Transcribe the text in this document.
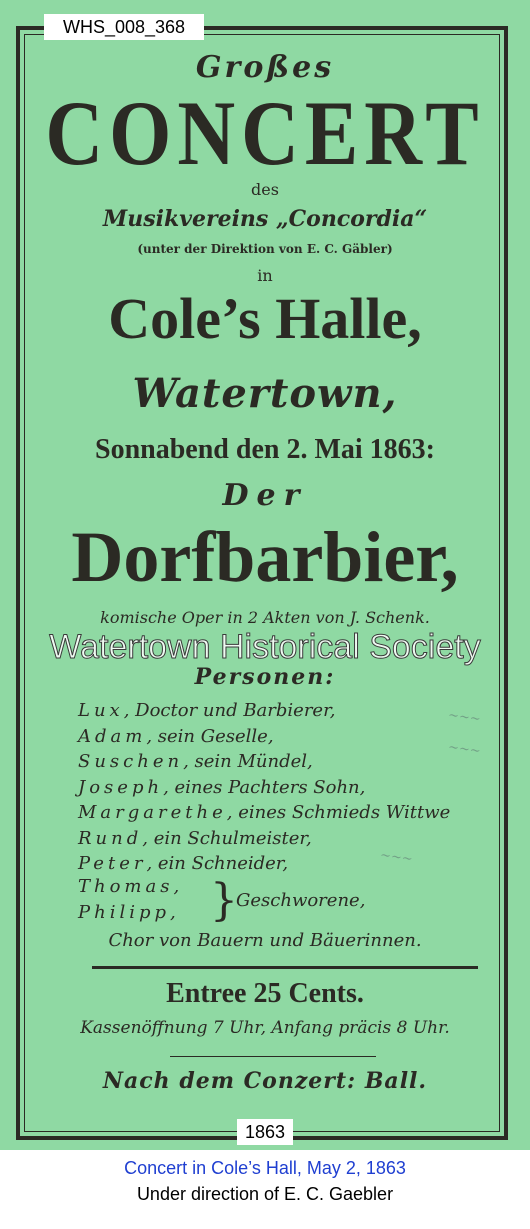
Großes
CONCERT
des
Musikvereins „Concordia“
(unter der Direktion von E. C. Gäbler)
in
Cole’s Halle,
Watertown,
Sonnabend den 2. Mai 1863:
Der
Dorfbarbier,
komische Oper in 2 Akten von J. Schenk.
Personen:
Lux, Doctor und Barbierer,
Adam, sein Geselle,
Suschen, sein Mündel,
Joseph, eines Pachters Sohn,
Margarethe, eines Schmieds Wittwe
Rund, ein Schulmeister,
Peter, ein Schneider,
Thomas,
Philipp, }
Geschworene,
Chor von Bauern und Bäuerinnen.
Entree 25 Cents.
Kassenöffnung 7 Uhr, Anfang präcis 8 Uhr.
Nach dem Conzert: Ball.
~~~
~~~
~~~
Watertown Historical Society
WHS_008_368
1863
Concert in Cole’s Hall, May 2, 1863
Under direction of E. C. Gaebler
